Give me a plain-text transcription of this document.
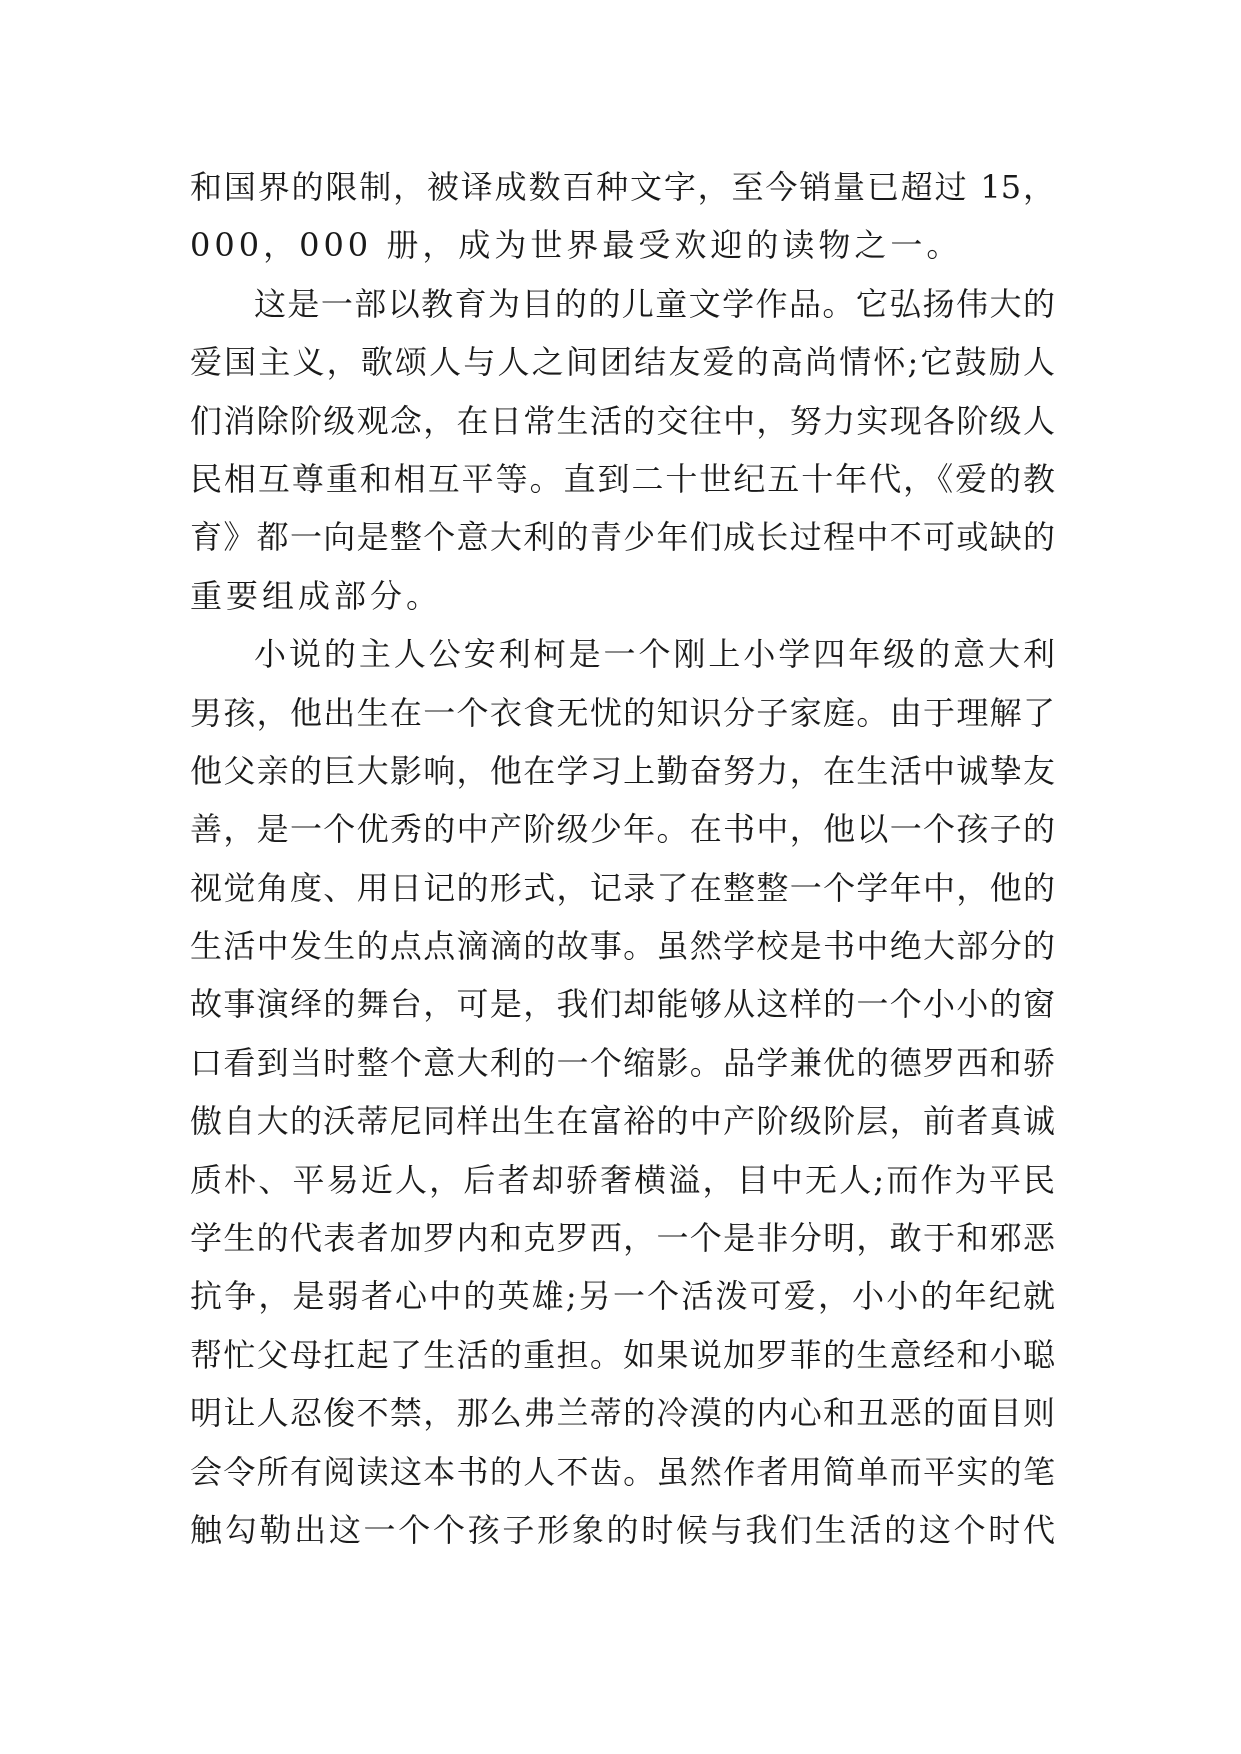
和国界的限制，被译成数百种文字，至今销量已超过 15，
000，000 册，成为世界最受欢迎的读物之一。
这是一部以教育为目的的儿童文学作品。它弘扬伟大的
爱国主义，歌颂人与人之间团结友爱的高尚情怀;它鼓励人
们消除阶级观念，在日常生活的交往中，努力实现各阶级人
民相互尊重和相互平等。直到二十世纪五十年代，《爱的教
育》都一向是整个意大利的青少年们成长过程中不可或缺的
重要组成部分。
小说的主人公安利柯是一个刚上小学四年级的意大利
男孩，他出生在一个衣食无忧的知识分子家庭。由于理解了
他父亲的巨大影响，他在学习上勤奋努力，在生活中诚挚友
善，是一个优秀的中产阶级少年。在书中，他以一个孩子的
视觉角度、用日记的形式，记录了在整整一个学年中，他的
生活中发生的点点滴滴的故事。虽然学校是书中绝大部分的
故事演绎的舞台，可是，我们却能够从这样的一个小小的窗
口看到当时整个意大利的一个缩影。品学兼优的德罗西和骄
傲自大的沃蒂尼同样出生在富裕的中产阶级阶层，前者真诚
质朴、平易近人，后者却骄奢横溢，目中无人;而作为平民
学生的代表者加罗内和克罗西，一个是非分明，敢于和邪恶
抗争，是弱者心中的英雄;另一个活泼可爱，小小的年纪就
帮忙父母扛起了生活的重担。如果说加罗菲的生意经和小聪
明让人忍俊不禁，那么弗兰蒂的冷漠的内心和丑恶的面目则
会令所有阅读这本书的人不齿。虽然作者用简单而平实的笔
触勾勒出这一个个孩子形象的时候与我们生活的这个时代
